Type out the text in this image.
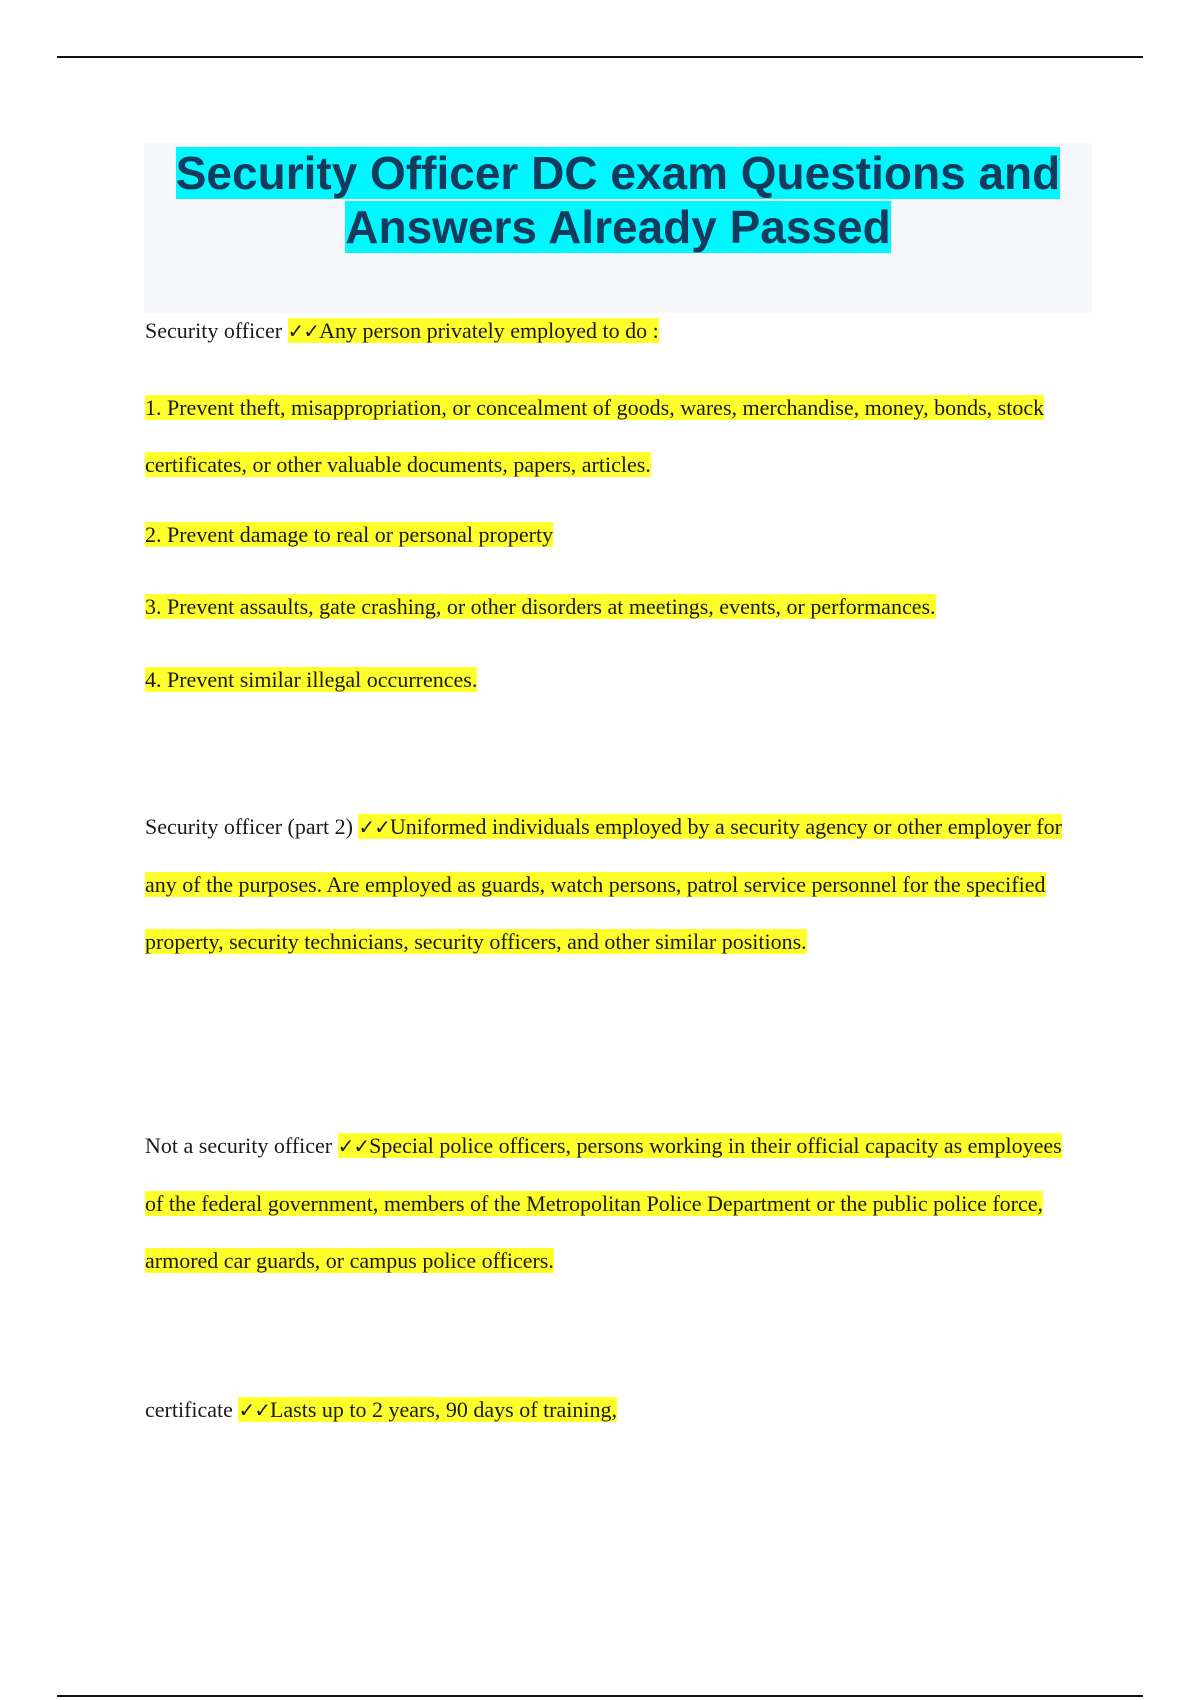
Security Officer DC exam Questions and
Answers Already Passed

Security officer ✓✓Any person privately employed to do :

1. Prevent theft, misappropriation, or concealment of goods, wares, merchandise, money, bonds, stock certificates, or other valuable documents, papers, articles.

2. Prevent damage to real or personal property

3. Prevent assaults, gate crashing, or other disorders at meetings, events, or performances.

4. Prevent similar illegal occurrences.

Security officer (part 2) ✓✓Uniformed individuals employed by a security agency or other employer for any of the purposes. Are employed as guards, watch persons, patrol service personnel for the specified property, security technicians, security officers, and other similar positions.

Not a security officer ✓✓Special police officers, persons working in their official capacity as employees of the federal government, members of the Metropolitan Police Department or the public police force, armored car guards, or campus police officers.

certificate ✓✓Lasts up to 2 years, 90 days of training,
